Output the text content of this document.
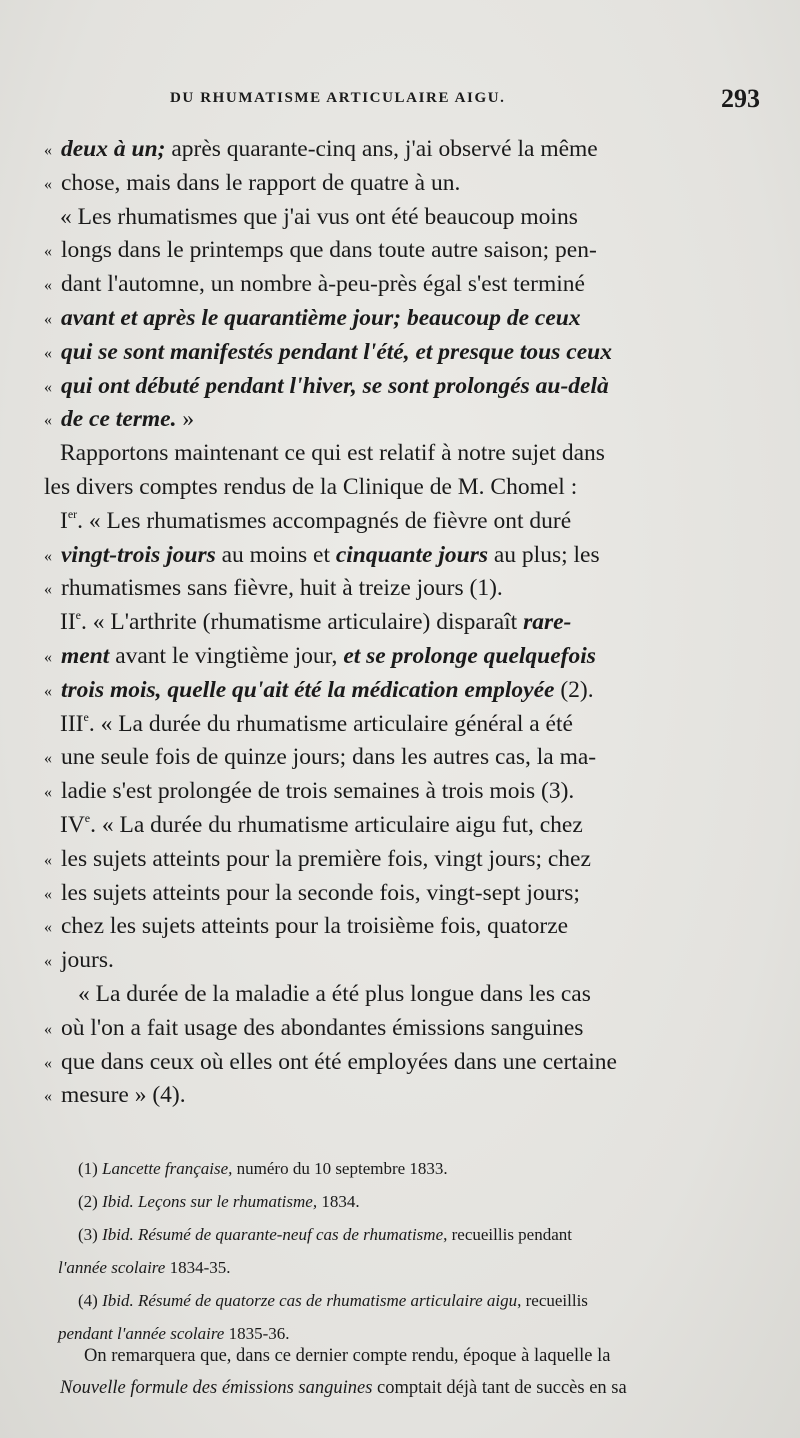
DU RHUMATISME ARTICULAIRE AIGU.	293
« deux à un; après quarante-cinq ans, j'ai observé la même
« chose, mais dans le rapport de quatre à un.
« Les rhumatismes que j'ai vus ont été beaucoup moins
« longs dans le printemps que dans toute autre saison; pen-
« dant l'automne, un nombre à-peu-près égal s'est terminé
« avant et après le quarantième jour; beaucoup de ceux
« qui se sont manifestés pendant l'été, et presque tous ceux
« qui ont débuté pendant l'hiver, se sont prolongés au-delà
« de ce terme. »
Rapportons maintenant ce qui est relatif à notre sujet dans
les divers comptes rendus de la Clinique de M. Chomel :
Ier. « Les rhumatismes accompagnés de fièvre ont duré
« vingt-trois jours au moins et cinquante jours au plus; les
« rhumatismes sans fièvre, huit à treize jours (1).
IIe. « L'arthrite (rhumatisme articulaire) disparaît rare-
« ment avant le vingtième jour, et se prolonge quelquefois
« trois mois, quelle qu'ait été la médication employée (2).
IIIe. « La durée du rhumatisme articulaire général a été
« une seule fois de quinze jours; dans les autres cas, la ma-
« ladie s'est prolongée de trois semaines à trois mois (3).
IVe. « La durée du rhumatisme articulaire aigu fut, chez
« les sujets atteints pour la première fois, vingt jours; chez
« les sujets atteints pour la seconde fois, vingt-sept jours;
« chez les sujets atteints pour la troisième fois, quatorze
« jours.
« La durée de la maladie a été plus longue dans les cas
« où l'on a fait usage des abondantes émissions sanguines
« que dans ceux où elles ont été employées dans une certaine
« mesure » (4).
(1) Lancette française, numéro du 10 septembre 1833.
(2) Ibid. Leçons sur le rhumatisme, 1834.
(3) Ibid. Résumé de quarante-neuf cas de rhumatisme, recueillis pendant
l'année scolaire 1834-35.
(4) Ibid. Résumé de quatorze cas de rhumatisme articulaire aigu, recueillis
pendant l'année scolaire 1835-36.
On remarquera que, dans ce dernier compte rendu, époque à laquelle la
Nouvelle formule des émissions sanguines comptait déjà tant de succès en sa
